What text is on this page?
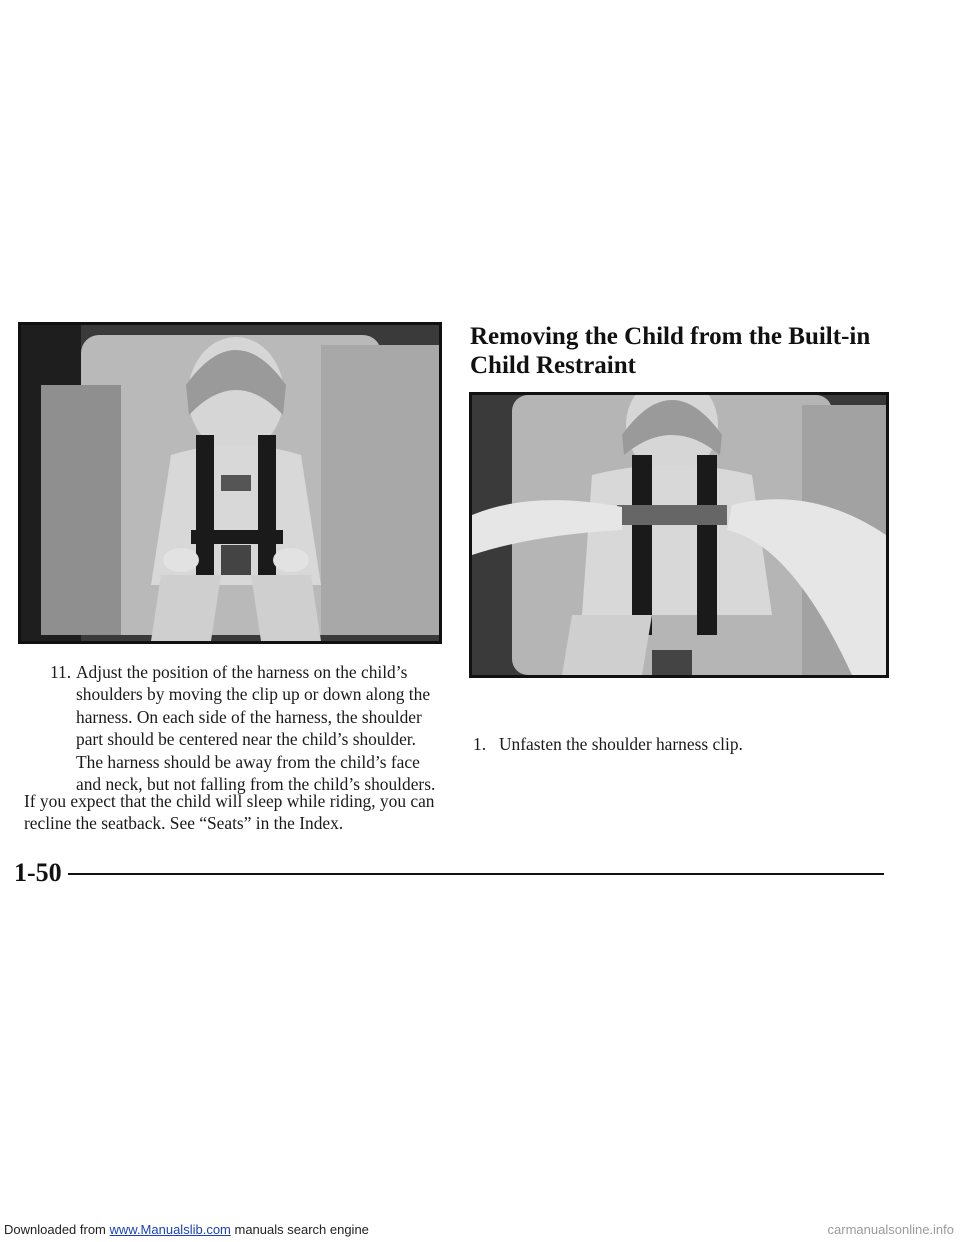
Removing the Child from the Built-in Child Restraint
11. Adjust the position of the harness on the child’s
shoulders by moving the clip up or down along the
harness. On each side of the harness, the shoulder
part should be centered near the child’s shoulder.
The harness should be away from the child’s face
and neck, but not falling from the child’s shoulders.

If you expect that the child will sleep while riding, you can recline the seatback. See “Seats” in the Index.

1. Unfasten the shoulder harness clip.
1-50
Downloaded from www.Manualslib.com manuals search engine	carmanualsonline.info
